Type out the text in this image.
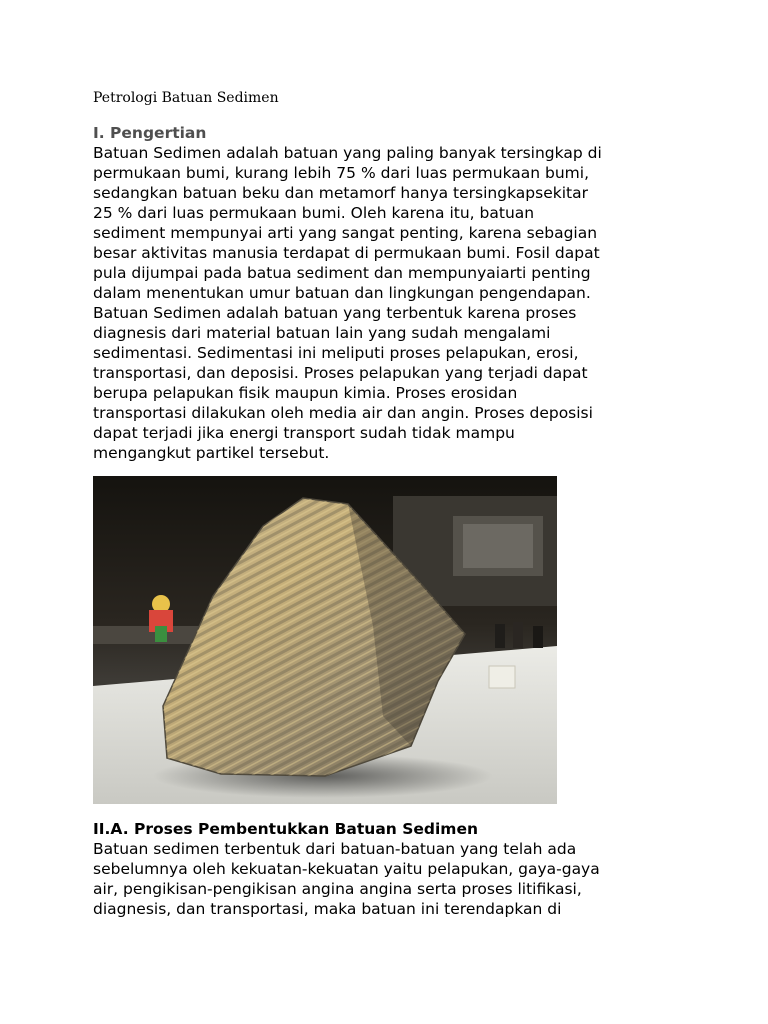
Petrologi Batuan Sedimen
I. Pengertian

Batuan Sedimen adalah batuan yang paling banyak tersingkap di
permukaan bumi, kurang lebih 75 % dari luas permukaan bumi,
sedangkan batuan beku dan metamorf hanya tersingkapsekitar
25 % dari luas permukaan bumi. Oleh karena itu, batuan
sediment mempunyai arti yang sangat penting, karena sebagian
besar aktivitas manusia terdapat di permukaan bumi. Fosil dapat
pula dijumpai pada batua sediment dan mempunyaiarti penting
dalam menentukan umur batuan dan lingkungan pengendapan.
Batuan Sedimen adalah batuan yang terbentuk karena proses
diagnesis dari material batuan lain yang sudah mengalami
sedimentasi. Sedimentasi ini meliputi proses pelapukan, erosi,
transportasi, dan deposisi. Proses pelapukan yang terjadi dapat
berupa pelapukan fisik maupun kimia. Proses erosidan
transportasi dilakukan oleh media air dan angin. Proses deposisi
dapat terjadi jika energi transport sudah tidak mampu
mengangkut partikel tersebut.

II.A. Proses Pembentukkan Batuan Sedimen

Batuan sedimen terbentuk dari batuan-batuan yang telah ada
sebelumnya oleh kekuatan-kekuatan yaitu pelapukan, gaya-gaya
air, pengikisan-pengikisan angina angina serta proses litifikasi,
diagnesis, dan transportasi, maka batuan ini terendapkan di
